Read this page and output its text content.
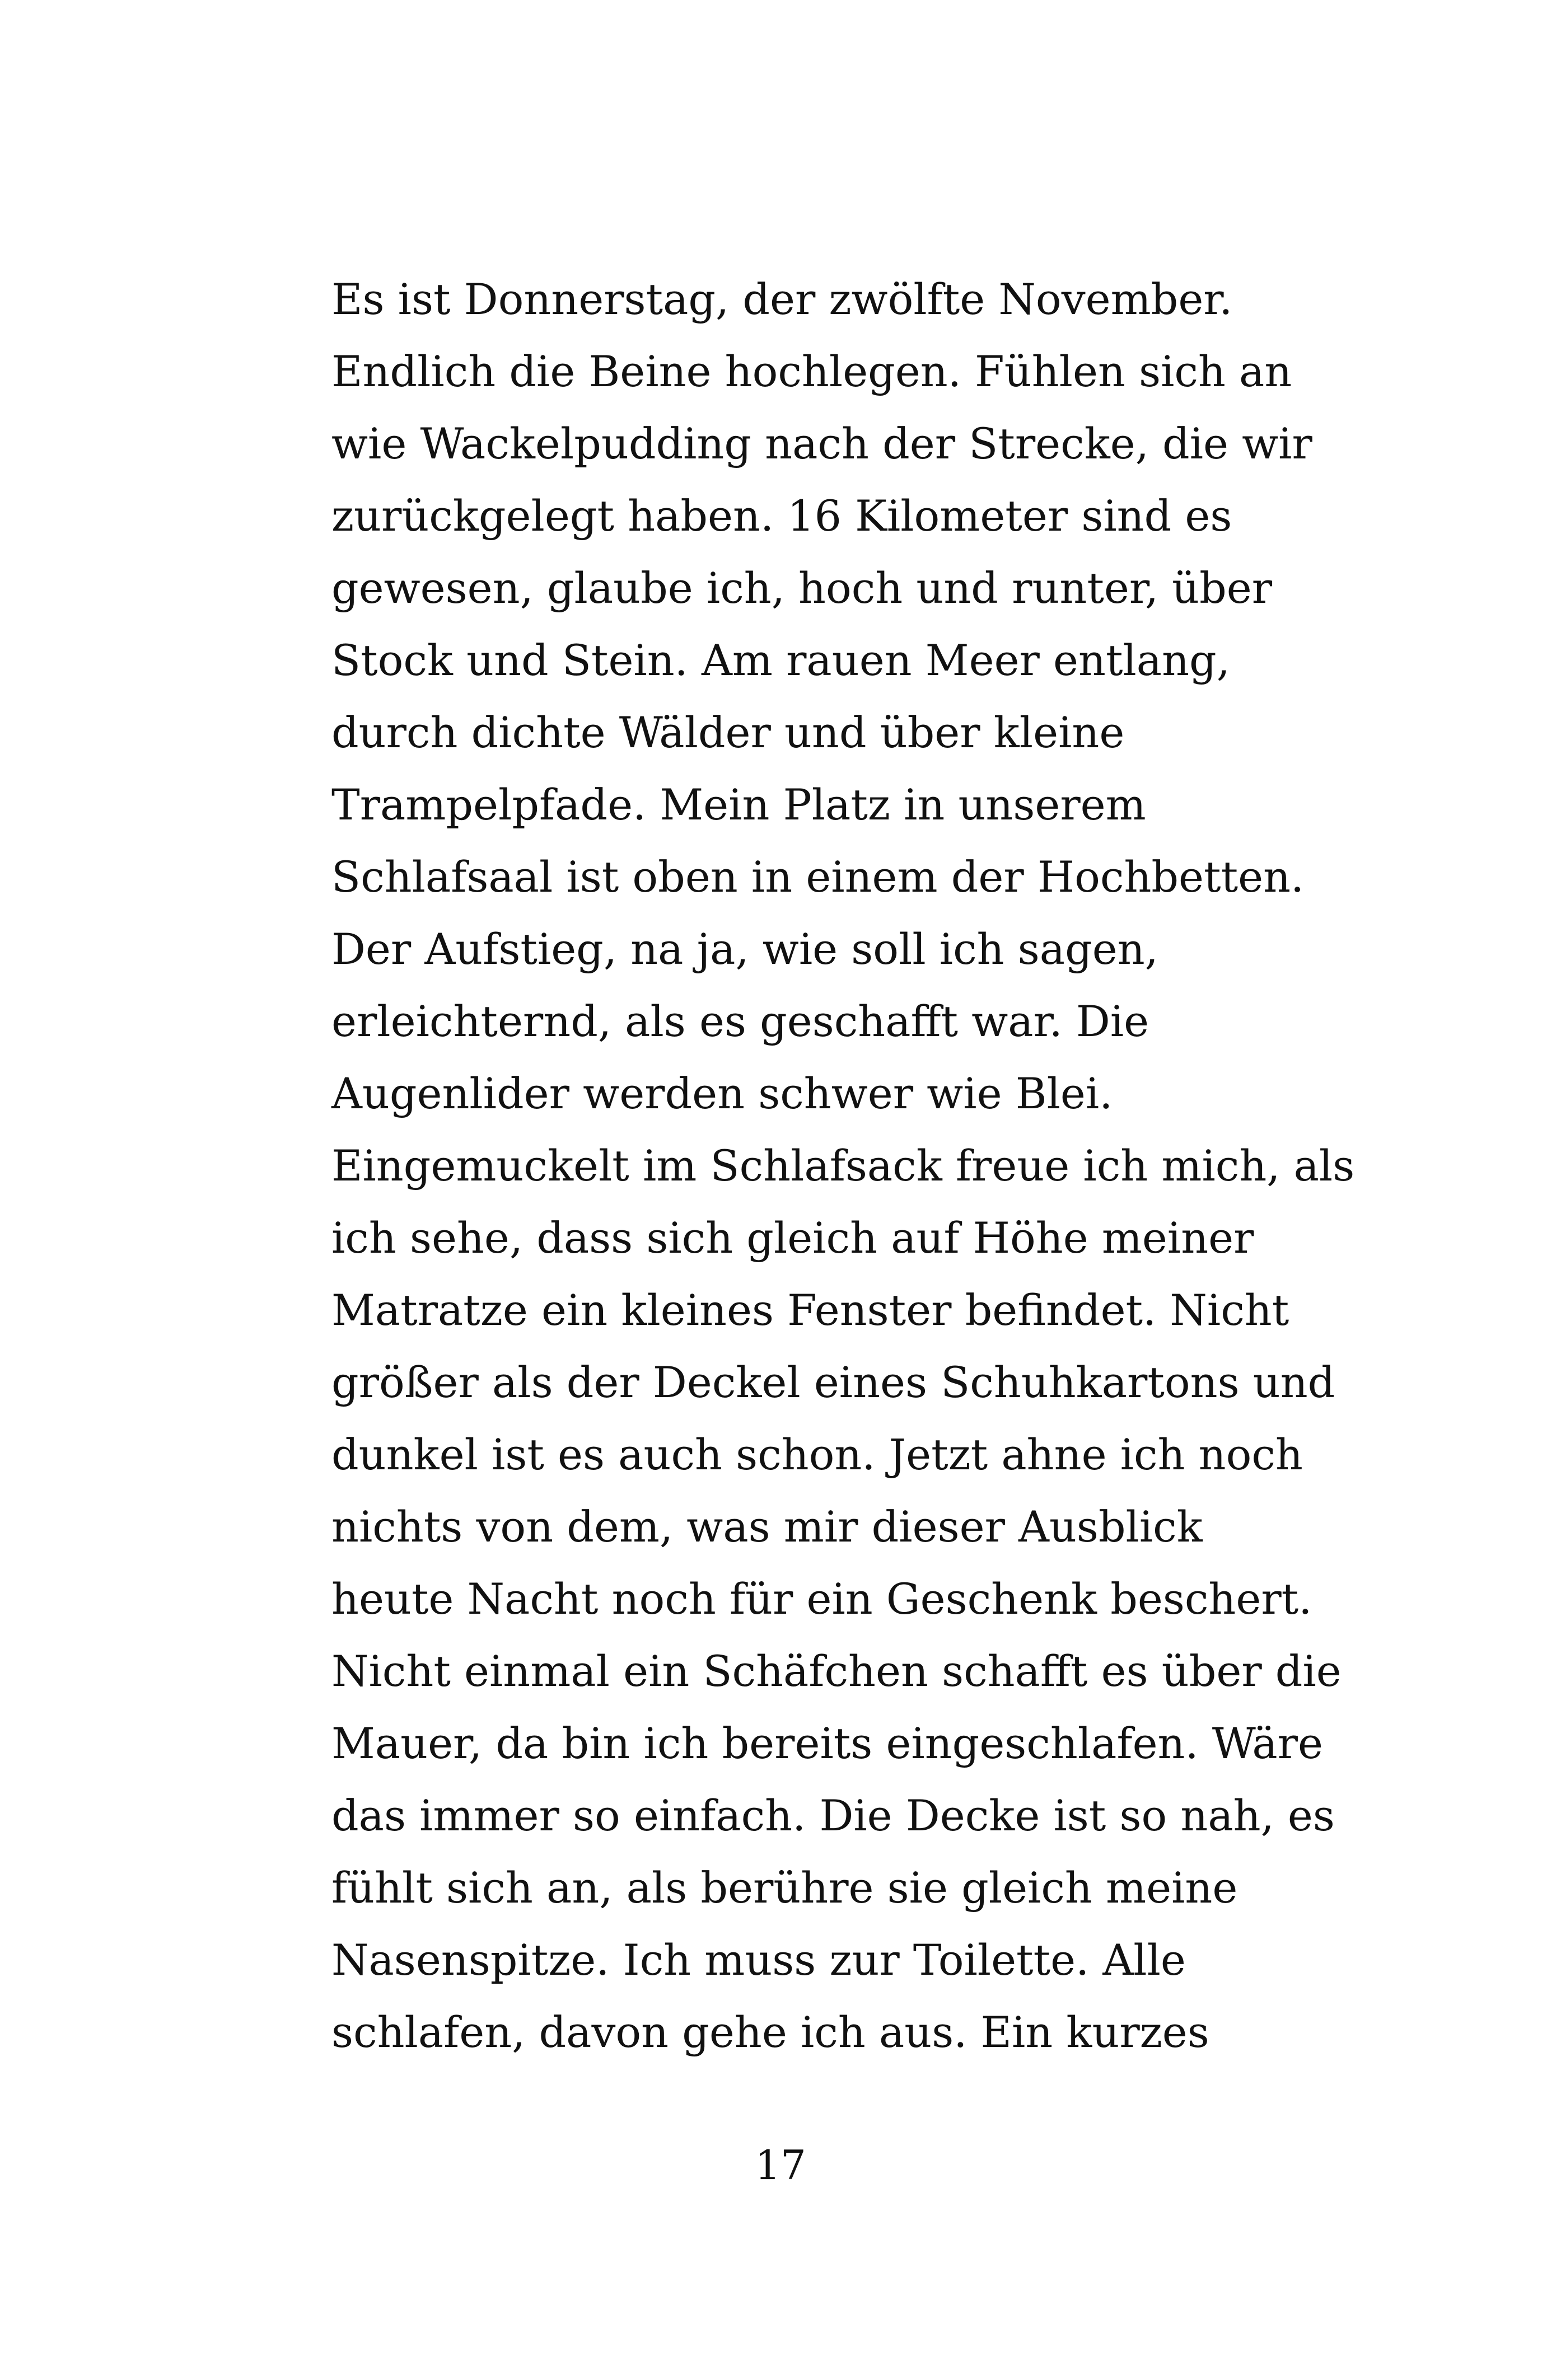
Es ist Donnerstag, der zwölfte November.
Endlich die Beine hochlegen. Fühlen sich an
wie Wackelpudding nach der Strecke, die wir
zurückgelegt haben. 16 Kilometer sind es
gewesen, glaube ich, hoch und runter, über
Stock und Stein. Am rauen Meer entlang,
durch dichte Wälder und über kleine
Trampelpfade. Mein Platz in unserem
Schlafsaal ist oben in einem der Hochbetten.
Der Aufstieg, na ja, wie soll ich sagen,
erleichternd, als es geschafft war. Die
Augenlider werden schwer wie Blei.
Eingemuckelt im Schlafsack freue ich mich, als
ich sehe, dass sich gleich auf Höhe meiner
Matratze ein kleines Fenster befindet. Nicht
größer als der Deckel eines Schuhkartons und
dunkel ist es auch schon. Jetzt ahne ich noch
nichts von dem, was mir dieser Ausblick
heute Nacht noch für ein Geschenk beschert.
Nicht einmal ein Schäfchen schafft es über die
Mauer, da bin ich bereits eingeschlafen. Wäre
das immer so einfach. Die Decke ist so nah, es
fühlt sich an, als berühre sie gleich meine
Nasenspitze. Ich muss zur Toilette. Alle
schlafen, davon gehe ich aus. Ein kurzes
17
